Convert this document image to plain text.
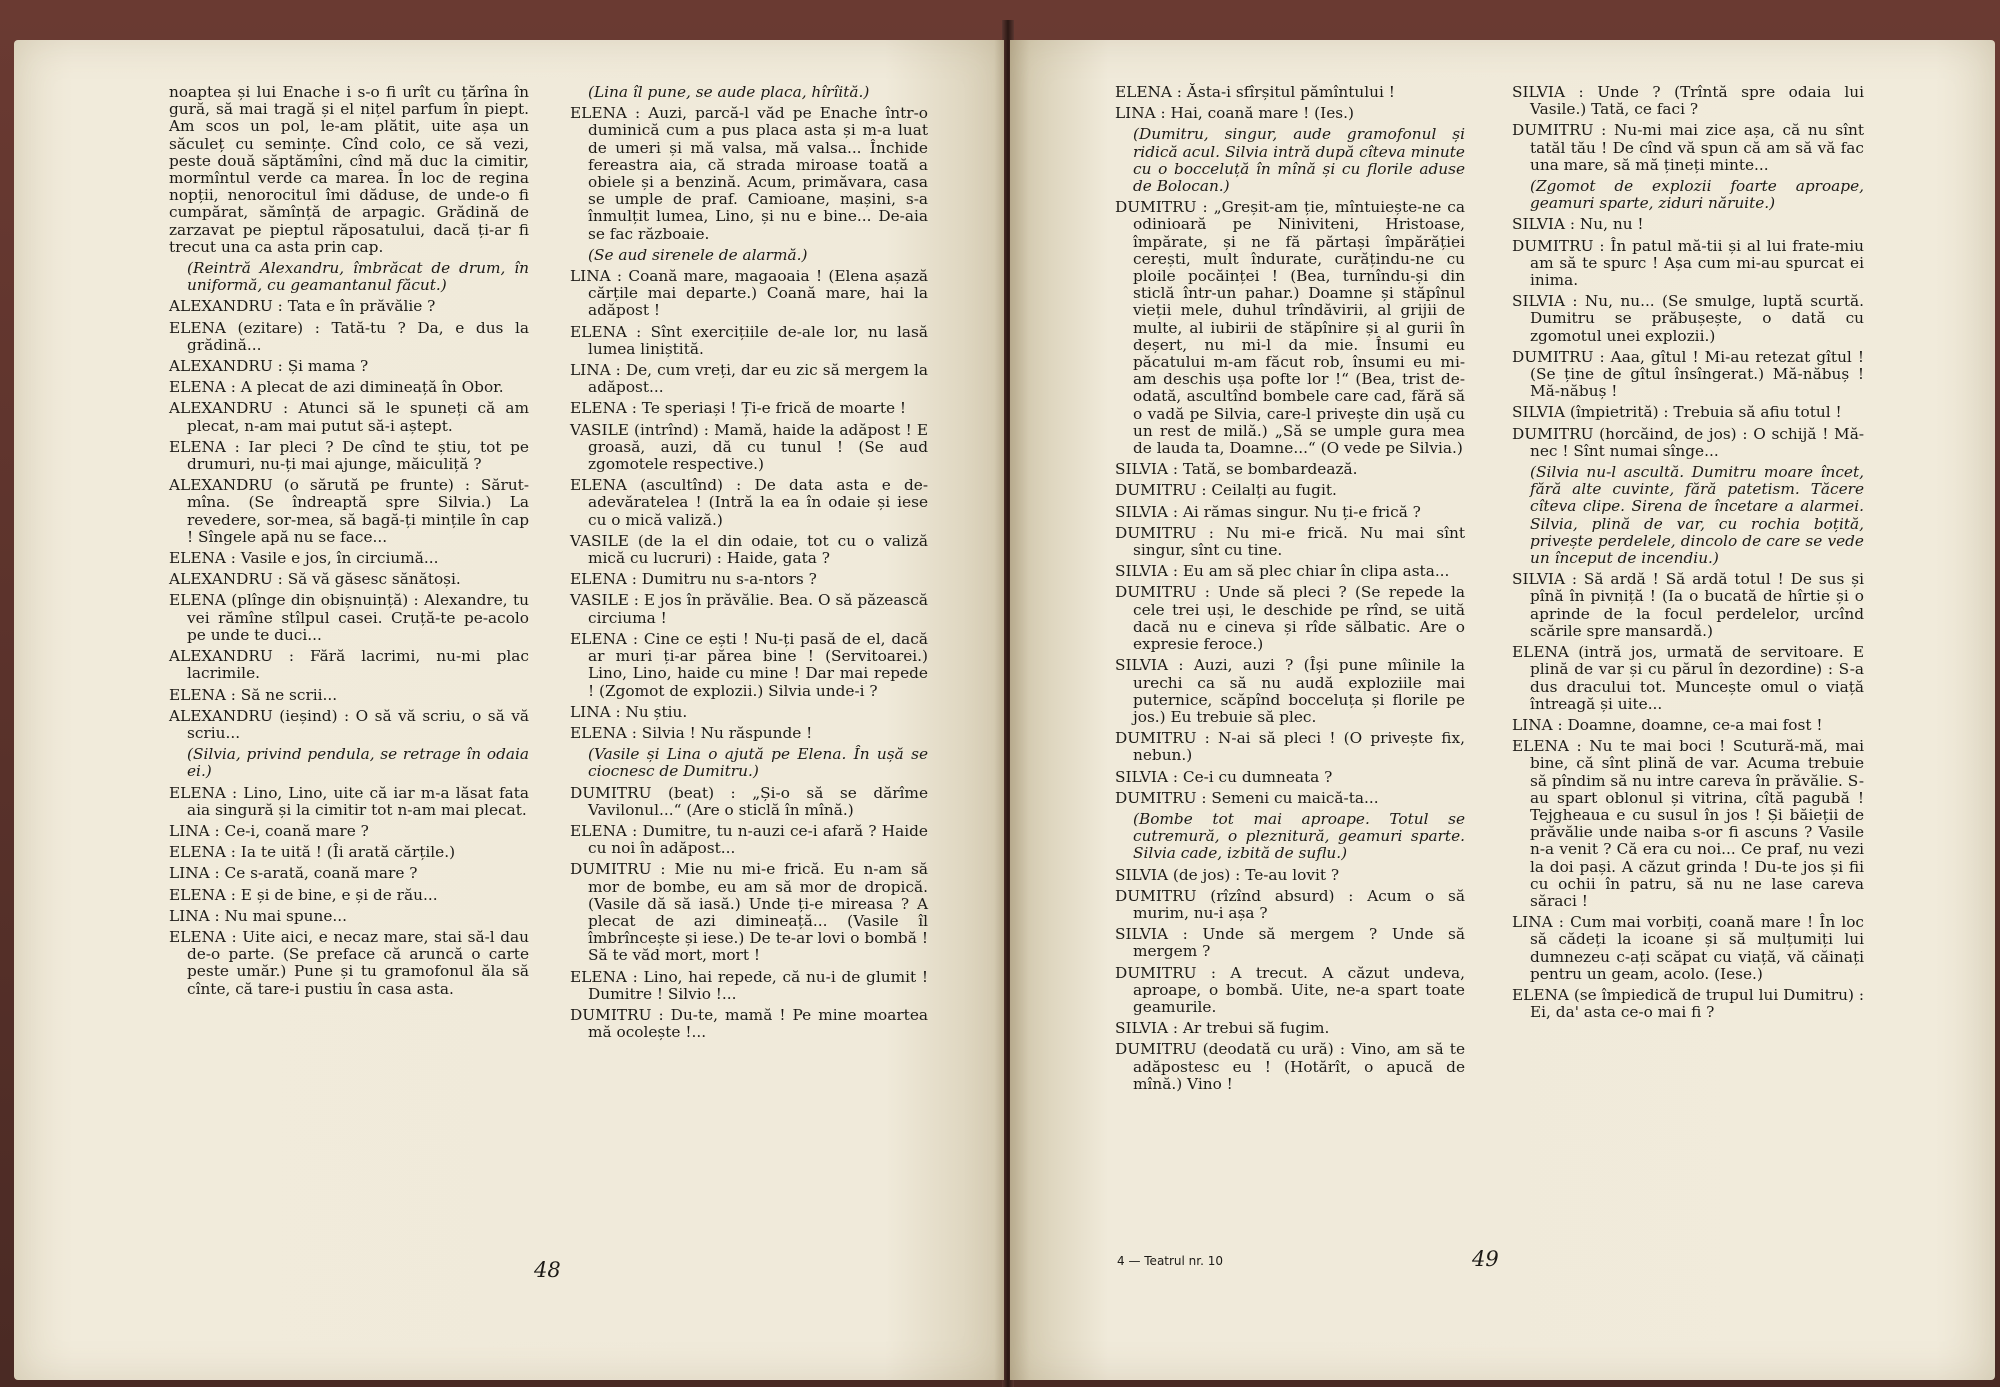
noaptea și lui Enache i s-o fi urît cu țărîna în gură, să mai tragă și el nițel parfum în piept. Am scos un pol, le-am plătit, uite așa un săculeț cu semințe. Cînd colo, ce să vezi, peste două săptămîni, cînd mă duc la cimitir, mormîntul verde ca marea. În loc de regina nopții, nenorocitul îmi dăduse, de unde-o fi cumpărat, sămînță de arpagic. Grădină de zarzavat pe pieptul răposatului, dacă ți-ar fi trecut una ca asta prin cap.

(Reintră Alexandru, îmbrăcat de drum, în uniformă, cu geamantanul făcut.)

ALEXANDRU : Tata e în prăvălie ?

ELENA (ezitare) : Tată-tu ? Da, e dus la grădină...

ALEXANDRU : Și mama ?

ELENA : A plecat de azi dimineață în Obor.

ALEXANDRU : Atunci să le spuneți că am plecat, n-am mai putut să-i aștept.

ELENA : Iar pleci ? De cînd te știu, tot pe drumuri, nu-ți mai ajunge, măiculiță ?

ALEXANDRU (o sărută pe frunte) : Sărut-mîna. (Se îndreaptă spre Silvia.) La revedere, sor-mea, să bagă-ți mințile în cap ! Sîngele apă nu se face...

ELENA : Vasile e jos, în circiumă...

ALEXANDRU : Să vă găsesc sănătoși.

ELENA (plînge din obișnuință) : Alexandre, tu vei rămîne stîlpul casei. Cruță-te pe-acolo pe unde te duci...

ALEXANDRU : Fără lacrimi, nu-mi plac lacrimile.

ELENA : Să ne scrii...

ALEXANDRU (ieșind) : O să vă scriu, o să vă scriu...

(Silvia, privind pendula, se retrage în odaia ei.)

ELENA : Lino, Lino, uite că iar m-a lăsat fata aia singură și la cimitir tot n-am mai plecat.

LINA : Ce-i, coană mare ?

ELENA : Ia te uită ! (Îi arată cărțile.)

LINA : Ce s-arată, coană mare ?

ELENA : E și de bine, e și de rău...

LINA : Nu mai spune...

ELENA : Uite aici, e necaz mare, stai să-l dau de-o parte. (Se preface că aruncă o carte peste umăr.) Pune și tu gramofonul ăla să cînte, că tare-i pustiu în casa asta.

(Lina îl pune, se aude placa, hîrîită.)

ELENA : Auzi, parcă-l văd pe Enache într-o duminică cum a pus placa asta și m-a luat de umeri și mă valsa, mă valsa... Închide fereastra aia, că strada miroase toată a obiele și a benzină. Acum, primăvara, casa se umple de praf. Camioane, mașini, s-a înmulțit lumea, Lino, și nu e bine... De-aia se fac războaie.

(Se aud sirenele de alarmă.)

LINA : Coană mare, magaoaia ! (Elena așază cărțile mai departe.) Coană mare, hai la adăpost !

ELENA : Sînt exercițiile de-ale lor, nu lasă lumea liniștită.

LINA : De, cum vreți, dar eu zic să mergem la adăpost...

ELENA : Te speriași ! Ți-e frică de moarte !

VASILE (intrînd) : Mamă, haide la adăpost ! E groasă, auzi, dă cu tunul ! (Se aud zgomotele respective.)

ELENA (ascultînd) : De data asta e de-adevăratelea ! (Intră la ea în odaie și iese cu o mică valiză.)

VASILE (de la el din odaie, tot cu o valiză mică cu lucruri) : Haide, gata ?

ELENA : Dumitru nu s-a-ntors ?

VASILE : E jos în prăvălie. Bea. O să păzească circiuma !

ELENA : Cine ce ești ! Nu-ți pasă de el, dacă ar muri ți-ar părea bine ! (Servitoarei.) Lino, Lino, haide cu mine ! Dar mai repede ! (Zgomot de explozii.) Silvia unde-i ?

LINA : Nu știu.

ELENA : Silvia ! Nu răspunde !

(Vasile și Lina o ajută pe Elena. În ușă se ciocnesc de Dumitru.)

DUMITRU (beat) : „Și-o să se dărîme Vavilonul...“ (Are o sticlă în mînă.)

ELENA : Dumitre, tu n-auzi ce-i afară ? Haide cu noi în adăpost...

DUMITRU : Mie nu mi-e frică. Eu n-am să mor de bombe, eu am să mor de dropică. (Vasile dă să iasă.) Unde ți-e mireasa ? A plecat de azi dimineață... (Vasile îl îmbrîncește și iese.) De te-ar lovi o bombă ! Să te văd mort, mort !

ELENA : Lino, hai repede, că nu-i de glumit ! Dumitre ! Silvio !...

DUMITRU : Du-te, mamă ! Pe mine moartea mă ocolește !...

48

ELENA : Ăsta-i sfîrșitul pămîntului !

LINA : Hai, coană mare ! (Ies.)

(Dumitru, singur, aude gramofonul și ridică acul. Silvia intră după cîteva minute cu o bocceluță în mînă și cu florile aduse de Bolocan.)

DUMITRU : „Greșit-am ție, mîntuiește-ne ca odinioară pe Niniviteni, Hristoase, împărate, și ne fă părtași împărăției cerești, mult îndurate, curățindu-ne cu ploile pocăinței ! (Bea, turnîndu-și din sticlă într-un pahar.) Doamne și stăpînul vieții mele, duhul trîndăvirii, al grijii de multe, al iubirii de stăpînire și al gurii în deșert, nu mi-l da mie. Însumi eu păcatului m-am făcut rob, însumi eu mi-am deschis ușa pofte lor !“ (Bea, trist de-odată, ascultînd bombele care cad, fără să o vadă pe Silvia, care-l privește din ușă cu un rest de milă.) „Să se umple gura mea de lauda ta, Doamne...“ (O vede pe Silvia.)

SILVIA : Tată, se bombardează.

DUMITRU : Ceilalți au fugit.

SILVIA : Ai rămas singur. Nu ți-e frică ?

DUMITRU : Nu mi-e frică. Nu mai sînt singur, sînt cu tine.

SILVIA : Eu am să plec chiar în clipa asta...

DUMITRU : Unde să pleci ? (Se repede la cele trei uși, le deschide pe rînd, se uită dacă nu e cineva și rîde sălbatic. Are o expresie feroce.)

SILVIA : Auzi, auzi ? (Își pune mîinile la urechi ca să nu audă exploziile mai puternice, scăpînd bocceluța și florile pe jos.) Eu trebuie să plec.

DUMITRU : N-ai să pleci ! (O privește fix, nebun.)

SILVIA : Ce-i cu dumneata ?

DUMITRU : Semeni cu maică-ta...

(Bombe tot mai aproape. Totul se cutremură, o pleznitură, geamuri sparte. Silvia cade, izbită de suflu.)

SILVIA (de jos) : Te-au lovit ?

DUMITRU (rîzînd absurd) : Acum o să murim, nu-i așa ?

SILVIA : Unde să mergem ? Unde să mergem ?

DUMITRU : A trecut. A căzut undeva, aproape, o bombă. Uite, ne-a spart toate geamurile.

SILVIA : Ar trebui să fugim.

DUMITRU (deodată cu ură) : Vino, am să te adăpostesc eu ! (Hotărît, o apucă de mînă.) Vino !

SILVIA : Unde ? (Trîntă spre odaia lui Vasile.) Tată, ce faci ?

DUMITRU : Nu-mi mai zice așa, că nu sînt tatăl tău ! De cînd vă spun că am să vă fac una mare, să mă țineți minte...

(Zgomot de explozii foarte aproape, geamuri sparte, ziduri năruite.)

SILVIA : Nu, nu !

DUMITRU : În patul mă-tii și al lui frate-miu am să te spurc ! Așa cum mi-au spurcat ei inima.

SILVIA : Nu, nu... (Se smulge, luptă scurtă. Dumitru se prăbușește, o dată cu zgomotul unei explozii.)

DUMITRU : Aaa, gîtul ! Mi-au retezat gîtul ! (Se ține de gîtul însîngerat.) Mă-năbuș ! Mă-năbuș !

SILVIA (împietrită) : Trebuia să afiu totul !

DUMITRU (horcăind, de jos) : O schijă ! Mă-nec ! Sînt numai sînge...

(Silvia nu-l ascultă. Dumitru moare încet, fără alte cuvinte, fără patetism. Tăcere cîteva clipe. Sirena de încetare a alarmei. Silvia, plină de var, cu rochia boțită, privește perdelele, dincolo de care se vede un început de incendiu.)

SILVIA : Să ardă ! Să ardă totul ! De sus și pînă în pivniță ! (Ia o bucată de hîrtie și o aprinde de la focul perdelelor, urcînd scările spre mansardă.)

ELENA (intră jos, urmată de servitoare. E plină de var și cu părul în dezordine) : S-a dus dracului tot. Muncește omul o viață întreagă și uite...

LINA : Doamne, doamne, ce-a mai fost !

ELENA : Nu te mai boci ! Scutură-mă, mai bine, că sînt plină de var. Acuma trebuie să pîndim să nu intre careva în prăvălie. S-au spart oblonul și vitrina, cîtă pagubă ! Tejgheaua e cu susul în jos ! Și băieții de prăvălie unde naiba s-or fi ascuns ? Vasile n-a venit ? Că era cu noi... Ce praf, nu vezi la doi pași. A căzut grinda ! Du-te jos și fii cu ochii în patru, să nu ne lase careva săraci !

LINA : Cum mai vorbiți, coană mare ! În loc să cădeți la icoane și să mulțumiți lui dumnezeu c-ați scăpat cu viață, vă căinați pentru un geam, acolo. (Iese.)

ELENA (se împiedică de trupul lui Dumitru) : Ei, da' asta ce-o mai fi ?

4 — Teatrul nr. 10	49
